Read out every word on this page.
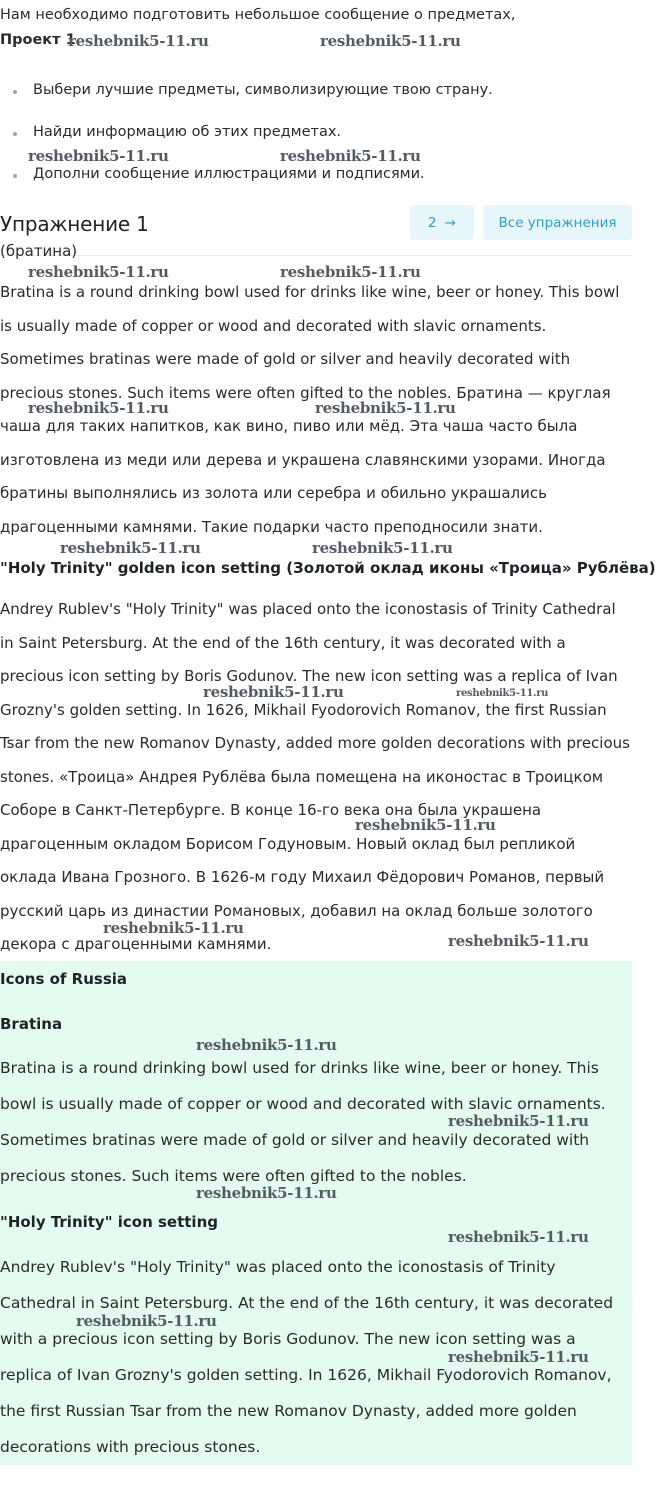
Нам необходимо подготовить небольшое сообщение о предметах,
Проект 1
Выбери лучшие предметы, символизирующие твою страну.
Найди информацию об этих предметах.
Дополни сообщение иллюстрациями и подписями.
Упражнение 1	2 →	Все упражнения
(братина)
Bratina is a round drinking bowl used for drinks like wine, beer or honey. This bowl is usually made of copper or wood and decorated with slavic ornaments. Sometimes bratinas were made of gold or silver and heavily decorated with precious stones. Such items were often gifted to the nobles. Братина — круглая чаша для таких напитков, как вино, пиво или мёд. Эта чаша часто была изготовлена из меди или дерева и украшена славянскими узорами. Иногда братины выполнялись из золота или серебра и обильно украшались драгоценными камнями. Такие подарки часто преподносили знати.
"Holy Trinity" golden icon setting (Золотой оклад иконы «Троица» Рублёва)
Andrey Rublev's "Holy Trinity" was placed onto the iconostasis of Trinity Cathedral in Saint Petersburg. At the end of the 16th century, it was decorated with a precious icon setting by Boris Godunov. The new icon setting was a replica of Ivan Grozny's golden setting. In 1626, Mikhail Fyodorovich Romanov, the first Russian Tsar from the new Romanov Dynasty, added more golden decorations with precious stones. «Троица» Андрея Рублёва была помещена на иконостас в Троицком Соборе в Санкт-Петербурге. В конце 16-го века она была украшена драгоценным окладом Борисом Годуновым. Новый оклад был репликой оклада Ивана Грозного. В 1626-м году Михаил Фёдорович Романов, первый русский царь из династии Романовых, добавил на оклад больше золотого декора с драгоценными камнями.
Icons of Russia
Bratina
Bratina is a round drinking bowl used for drinks like wine, beer or honey. This bowl is usually made of copper or wood and decorated with slavic ornaments. Sometimes bratinas were made of gold or silver and heavily decorated with precious stones. Such items were often gifted to the nobles.
"Holy Trinity" icon setting
Andrey Rublev's "Holy Trinity" was placed onto the iconostasis of Trinity Cathedral in Saint Petersburg. At the end of the 16th century, it was decorated with a precious icon setting by Boris Godunov. The new icon setting was a replica of Ivan Grozny's golden setting. In 1626, Mikhail Fyodorovich Romanov, the first Russian Tsar from the new Romanov Dynasty, added more golden decorations with precious stones.
reshebnik5-11.ru	reshebnik5-11.ru
reshebnik5-11.ru	reshebnik5-11.ru
reshebnik5-11.ru	reshebnik5-11.ru
reshebnik5-11.ru	reshebnik5-11.ru
reshebnik5-11.ru	reshebnik5-11.ru
reshebnik5-11.ru	reshebnik5-11.ru
reshebnik5-11.ru
reshebnik5-11.ru
reshebnik5-11.ru
reshebnik5-11.ru
reshebnik5-11.ru
reshebnik5-11.ru
reshebnik5-11.ru
reshebnik5-11.ru
reshebnik5-11.ru
